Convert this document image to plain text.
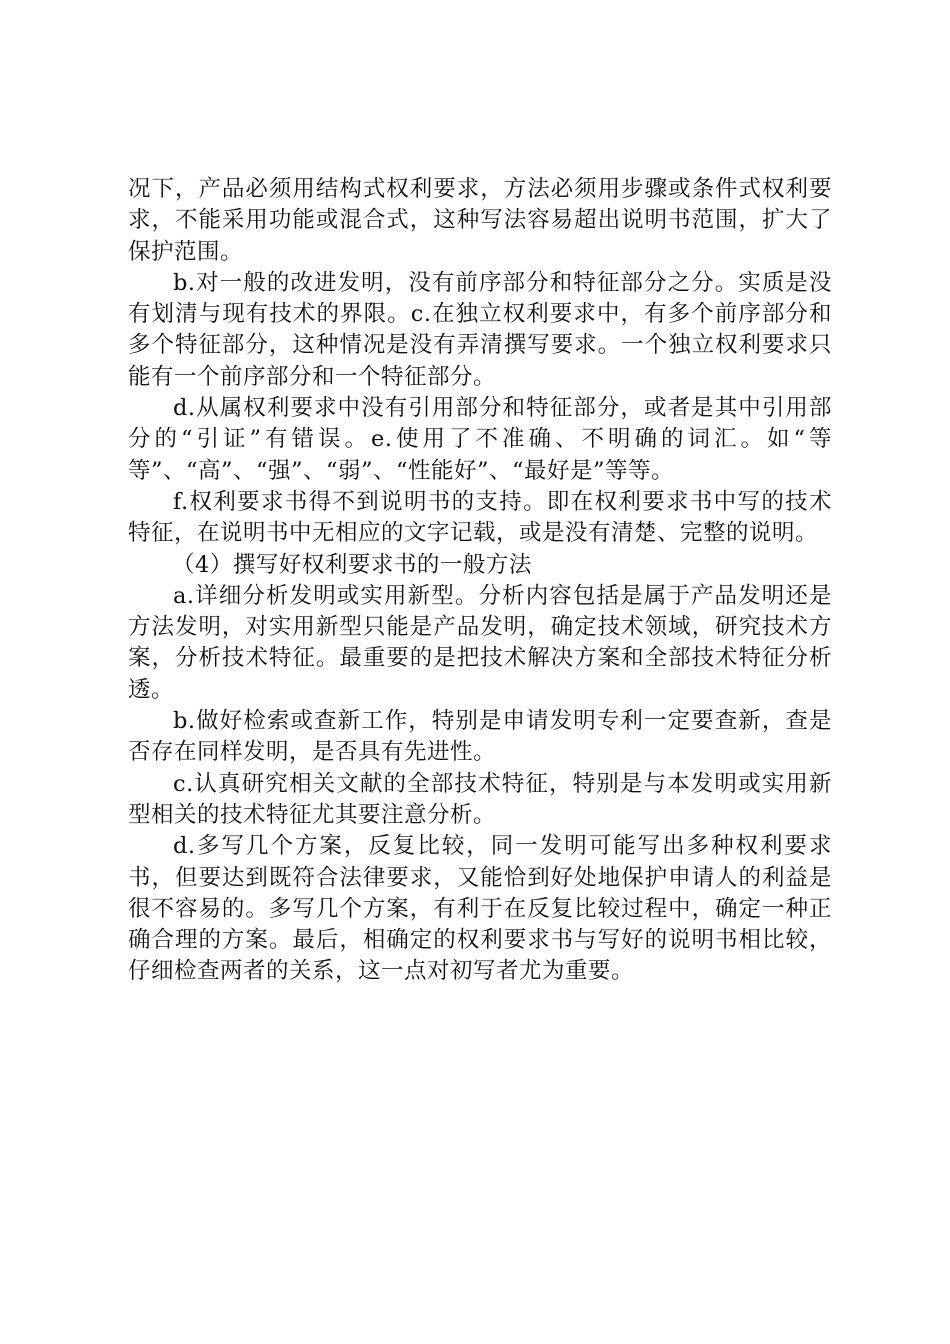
况下，产品必须用结构式权利要求，方法必须用步骤或条件式权利要求，不能采用功能或混合式，这种写法容易超出说明书范围，扩大了保护范围。

b.对一般的改进发明，没有前序部分和特征部分之分。实质是没有划清与现有技术的界限。c.在独立权利要求中，有多个前序部分和多个特征部分，这种情况是没有弄清撰写要求。一个独立权利要求只能有一个前序部分和一个特征部分。

d.从属权利要求中没有引用部分和特征部分，或者是其中引用部分的“引证”有错误。e.使用了不准确、不明确的词汇。如“等等”、“高”、“强”、“弱”、“性能好”、“最好是”等等。

f.权利要求书得不到说明书的支持。即在权利要求书中写的技术特征，在说明书中无相应的文字记载，或是没有清楚、完整的说明。

（4）撰写好权利要求书的一般方法

a.详细分析发明或实用新型。分析内容包括是属于产品发明还是方法发明，对实用新型只能是产品发明，确定技术领域，研究技术方案，分析技术特征。最重要的是把技术解决方案和全部技术特征分析透。

b.做好检索或查新工作，特别是申请发明专利一定要查新，查是否存在同样发明，是否具有先进性。

c.认真研究相关文献的全部技术特征，特别是与本发明或实用新型相关的技术特征尤其要注意分析。

d.多写几个方案，反复比较，同一发明可能写出多种权利要求书，但要达到既符合法律要求，又能恰到好处地保护申请人的利益是很不容易的。多写几个方案，有利于在反复比较过程中，确定一种正确合理的方案。最后，相确定的权利要求书与写好的说明书相比较，仔细检查两者的关系，这一点对初写者尤为重要。
